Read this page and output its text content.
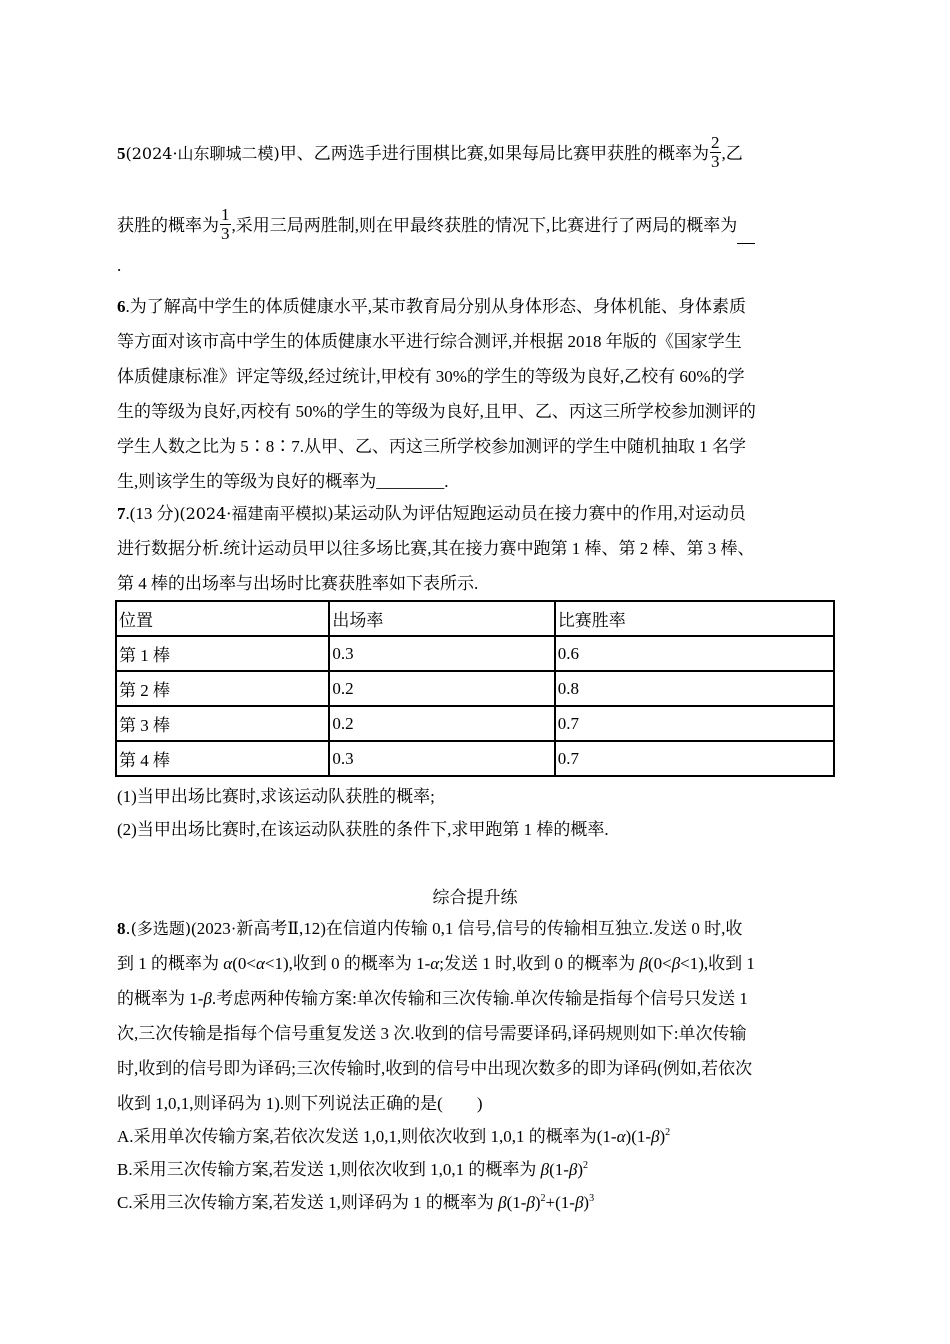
5(2024·山东聊城二模)甲、乙两选手进行围棋比赛,如果每局比赛甲获胜的概率为 $\frac{2}{3}$ ,乙
获胜的概率为 $\frac{1}{3}$ ,采用三局两胜制,则在甲最终获胜的情况下,比赛进行了两局的概率为
.
6.为了解高中学生的体质健康水平,某市教育局分别从身体形态、身体机能、身体素质
等方面对该市高中学生的体质健康水平进行综合测评,并根据 2018 年版的《国家学生
体质健康标准》评定等级,经过统计,甲校有 30%的学生的等级为良好,乙校有 60%的学
生的等级为良好,丙校有 50%的学生的等级为良好,且甲、乙、丙这三所学校参加测评的
学生人数之比为 5∶8∶7.从甲、乙、丙这三所学校参加测评的学生中随机抽取 1 名学
生,则该学生的等级为良好的概率为________.
7.(13 分)(2024·福建南平模拟)某运动队为评估短跑运动员在接力赛中的作用,对运动员
进行数据分析.统计运动员甲以往多场比赛,其在接力赛中跑第 1 棒、第 2 棒、第 3 棒、
第 4 棒的出场率与出场时比赛获胜率如下表所示.
位置	出场率	比赛胜率
第 1 棒	0.3	0.6
第 2 棒	0.2	0.8
第 3 棒	0.2	0.7
第 4 棒	0.3	0.7
(1)当甲出场比赛时,求该运动队获胜的概率;
(2)当甲出场比赛时,在该运动队获胜的条件下,求甲跑第 1 棒的概率.
综合提升练
8.(多选题)(2023·新高考Ⅱ,12)在信道内传输 0,1 信号,信号的传输相互独立.发送 0 时,收
到 1 的概率为 α(0<α<1),收到 0 的概率为 1-α;发送 1 时,收到 0 的概率为 β(0<β<1),收到 1
的概率为 1-β.考虑两种传输方案:单次传输和三次传输.单次传输是指每个信号只发送 1
次,三次传输是指每个信号重复发送 3 次.收到的信号需要译码,译码规则如下:单次传输
时,收到的信号即为译码;三次传输时,收到的信号中出现次数多的即为译码(例如,若依次
收到 1,0,1,则译码为 1).则下列说法正确的是(　　)
A.采用单次传输方案,若依次发送 1,0,1,则依次收到 1,0,1 的概率为$(1-\alpha)(1-\beta)^2$
B.采用三次传输方案,若发送 1,则依次收到 1,0,1 的概率为 $\beta(1-\beta)^2$
C.采用三次传输方案,若发送 1,则译码为 1 的概率为 $\beta(1-\beta)^2+(1-\beta)^3$
